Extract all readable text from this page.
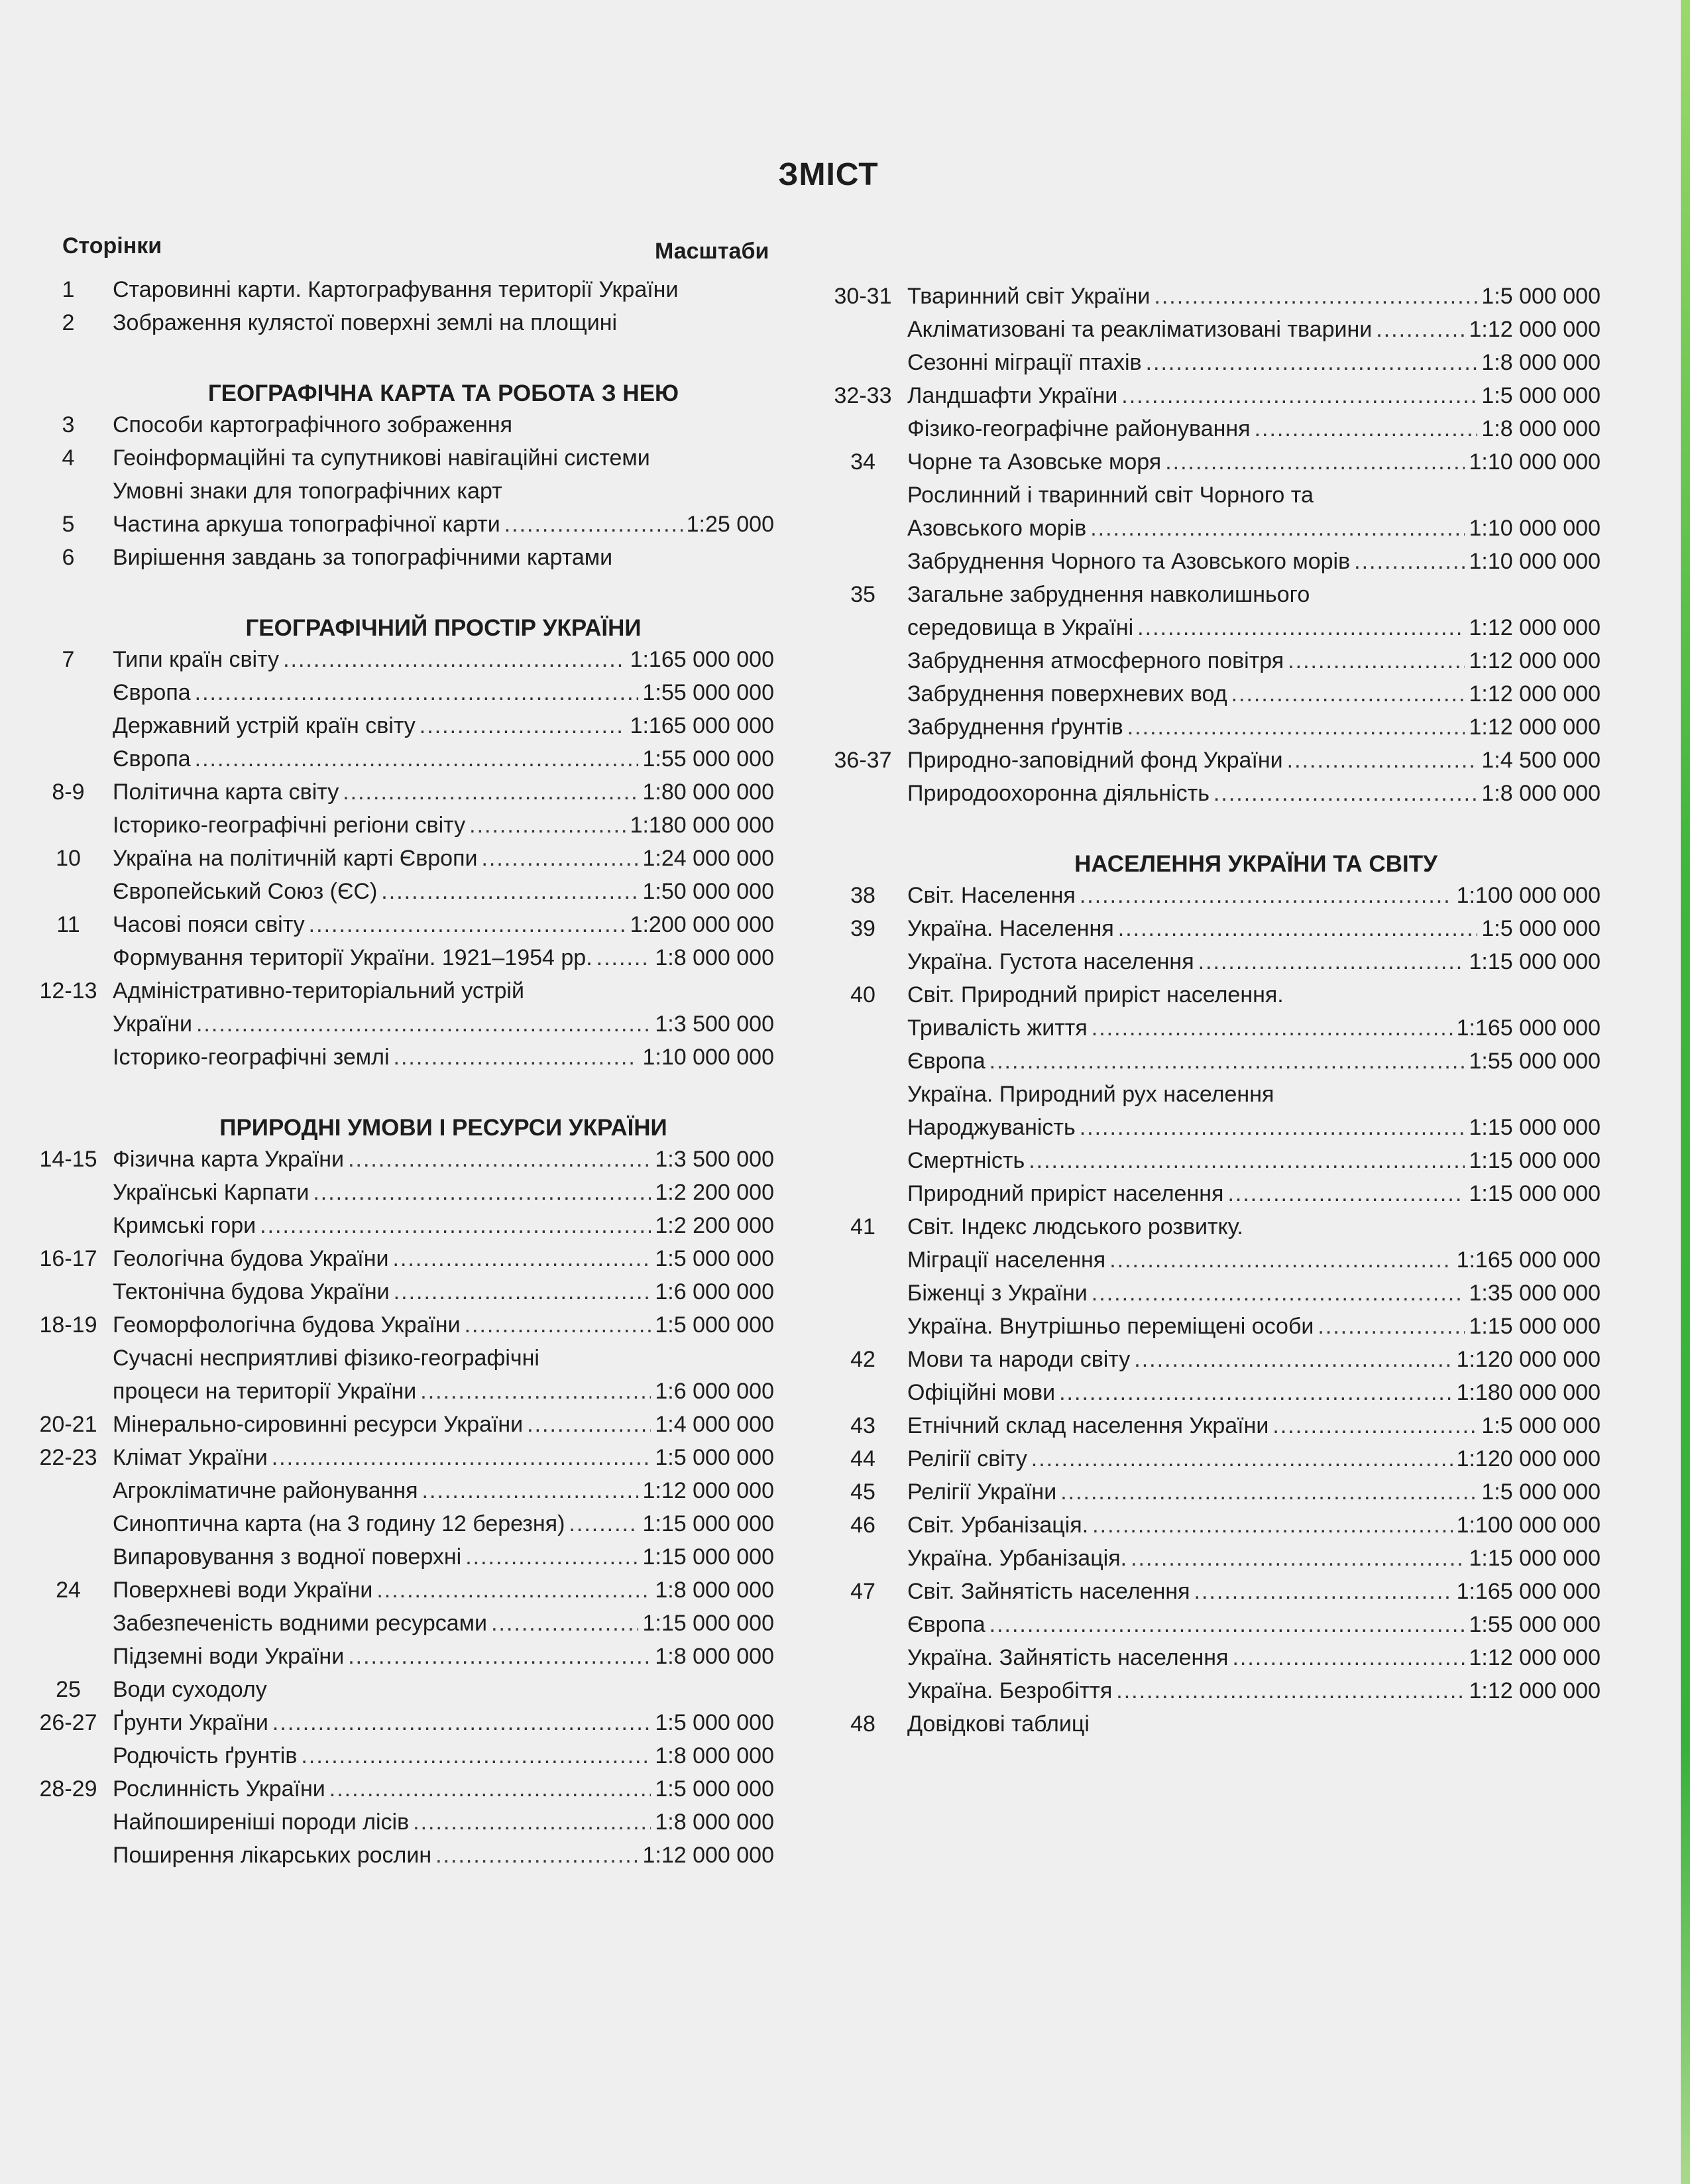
ЗМІСТ
Сторінки	Масштаби
1	Старовинні карти. Картографування території України
2	Зображення кулястої поверхні землі на площині
ГЕОГРАФІЧНА КАРТА ТА РОБОТА З НЕЮ
3	Способи картографічного зображення
4	Геоінформаційні та супутникові навігаційні системи
Умовні знаки для топографічних карт
5	Частина аркуша топографічної карти .....	1:25 000
6	Вирішення завдань за топографічними картами
ГЕОГРАФІЧНИЙ ПРОСТІР УКРАЇНИ
7	Типи країн світу .....	1:165 000 000
Європа .....	1:55 000 000
Державний устрій країн світу .....	1:165 000 000
Європа .....	1:55 000 000
8-9	Політична карта світу .....	1:80 000 000
Історико-географічні регіони світу .....	1:180 000 000
10	Україна на політичній карті Європи .....	1:24 000 000
Європейський Союз (ЄС) .....	1:50 000 000
11	Часові пояси світу .....	1:200 000 000
Формування території України. 1921–1954 рр. .....	1:8 000 000
12-13 Адміністративно-територіальний устрій
України .....	1:3 500 000
Історико-географічні землі .....	1:10 000 000
ПРИРОДНІ УМОВИ І РЕСУРСИ УКРАЇНИ
14-15 Фізична карта України .....	1:3 500 000
Українські Карпати .....	1:2 200 000
Кримські гори .....	1:2 200 000
16-17 Геологічна будова України .....	1:5 000 000
Тектонічна будова України .....	1:6 000 000
18-19 Геоморфологічна будова України .....	1:5 000 000
Сучасні несприятливі фізико-географічні
процеси на території України .....	1:6 000 000
20-21 Мінерально-сировинні ресурси України .....	1:4 000 000
22-23 Клімат України .....	1:5 000 000
Агрокліматичне районування .....	1:12 000 000
Синоптична карта (на 3 годину 12 березня) .....	1:15 000 000
Випаровування з водної поверхні .....	1:15 000 000
24	Поверхневі води України .....	1:8 000 000
Забезпеченість водними ресурсами .....	1:15 000 000
Підземні води України .....	1:8 000 000
25	Води суходолу
26-27 Ґрунти України .....	1:5 000 000
Родючість ґрунтів .....	1:8 000 000
28-29 Рослинність України .....	1:5 000 000
Найпоширеніші породи лісів .....	1:8 000 000
Поширення лікарських рослин .....	1:12 000 000
30-31 Тваринний світ України .....	1:5 000 000
Акліматизовані та реакліматизовані тварини .....	1:12 000 000
Сезонні міграції птахів .....	1:8 000 000
32-33 Ландшафти України .....	1:5 000 000
Фізико-географічне районування .....	1:8 000 000
34	Чорне та Азовське моря .....	1:10 000 000
Рослинний і тваринний світ Чорного та
Азовського морів .....	1:10 000 000
Забруднення Чорного та Азовського морів .....	1:10 000 000
35	Загальне забруднення навколишнього
середовища в Україні .....	1:12 000 000
Забруднення атмосферного повітря .....	1:12 000 000
Забруднення поверхневих вод .....	1:12 000 000
Забруднення ґрунтів .....	1:12 000 000
36-37 Природно-заповідний фонд України .....	1:4 500 000
Природоохоронна діяльність .....	1:8 000 000
НАСЕЛЕННЯ УКРАЇНИ ТА СВІТУ
38	Світ. Населення .....	1:100 000 000
39	Україна. Населення .....	1:5 000 000
Україна. Густота населення .....	1:15 000 000
40	Світ. Природний приріст населення.
Тривалість життя .....	1:165 000 000
Європа .....	1:55 000 000
Україна. Природний рух населення
Народжуваність .....	1:15 000 000
Смертність .....	1:15 000 000
Природний приріст населення .....	1:15 000 000
41	Світ. Індекс людського розвитку.
Міграції населення .....	1:165 000 000
Біженці з України .....	1:35 000 000
Україна. Внутрішньо переміщені особи .....	1:15 000 000
42	Мови та народи світу .....	1:120 000 000
Офіційні мови .....	1:180 000 000
43	Етнічний склад населення України .....	1:5 000 000
44	Релігії світу .....	1:120 000 000
45	Релігії України .....	1:5 000 000
46	Світ. Урбанізація. .....	1:100 000 000
Україна. Урбанізація. .....	1:15 000 000
47	Світ. Зайнятість населення .....	1:165 000 000
Європа .....	1:55 000 000
Україна. Зайнятість населення .....	1:12 000 000
Україна. Безробіття .....	1:12 000 000
48	Довідкові таблиці
